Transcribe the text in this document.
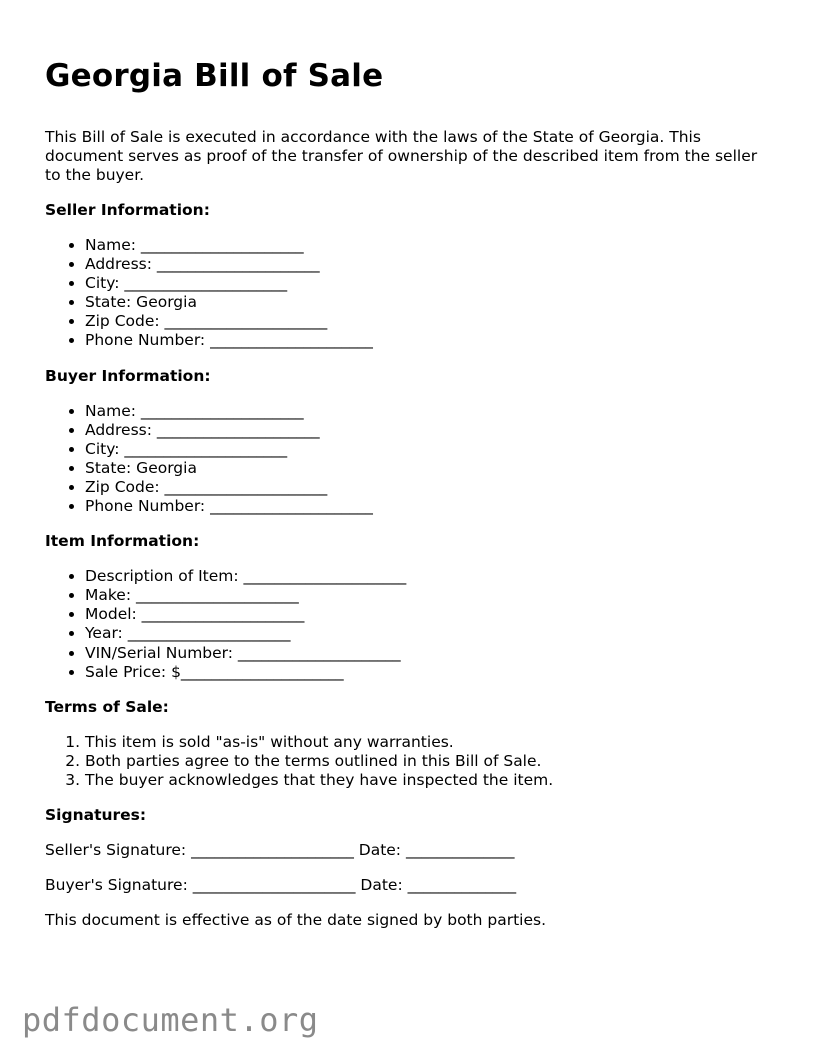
Georgia Bill of Sale

This Bill of Sale is executed in accordance with the laws of the State of Georgia. This document serves as proof of the transfer of ownership of the described item from the seller to the buyer.

Seller Information:
• Name: _____________________
• Address: _____________________
• City: _____________________
• State: Georgia
• Zip Code: _____________________
• Phone Number: _____________________
Buyer Information:
• Name: _____________________
• Address: _____________________
• City: _____________________
• State: Georgia
• Zip Code: _____________________
• Phone Number: _____________________
Item Information:
• Description of Item: _____________________
• Make: _____________________
• Model: _____________________
• Year: _____________________
• VIN/Serial Number: _____________________
• Sale Price: $_____________________
Terms of Sale:
1. This item is sold "as-is" without any warranties.
2. Both parties agree to the terms outlined in this Bill of Sale.
3. The buyer acknowledges that they have inspected the item.
Signatures:

Seller's Signature: _____________________ Date: ______________

Buyer's Signature: _____________________ Date: ______________

This document is effective as of the date signed by both parties.

pdfdocument.org
